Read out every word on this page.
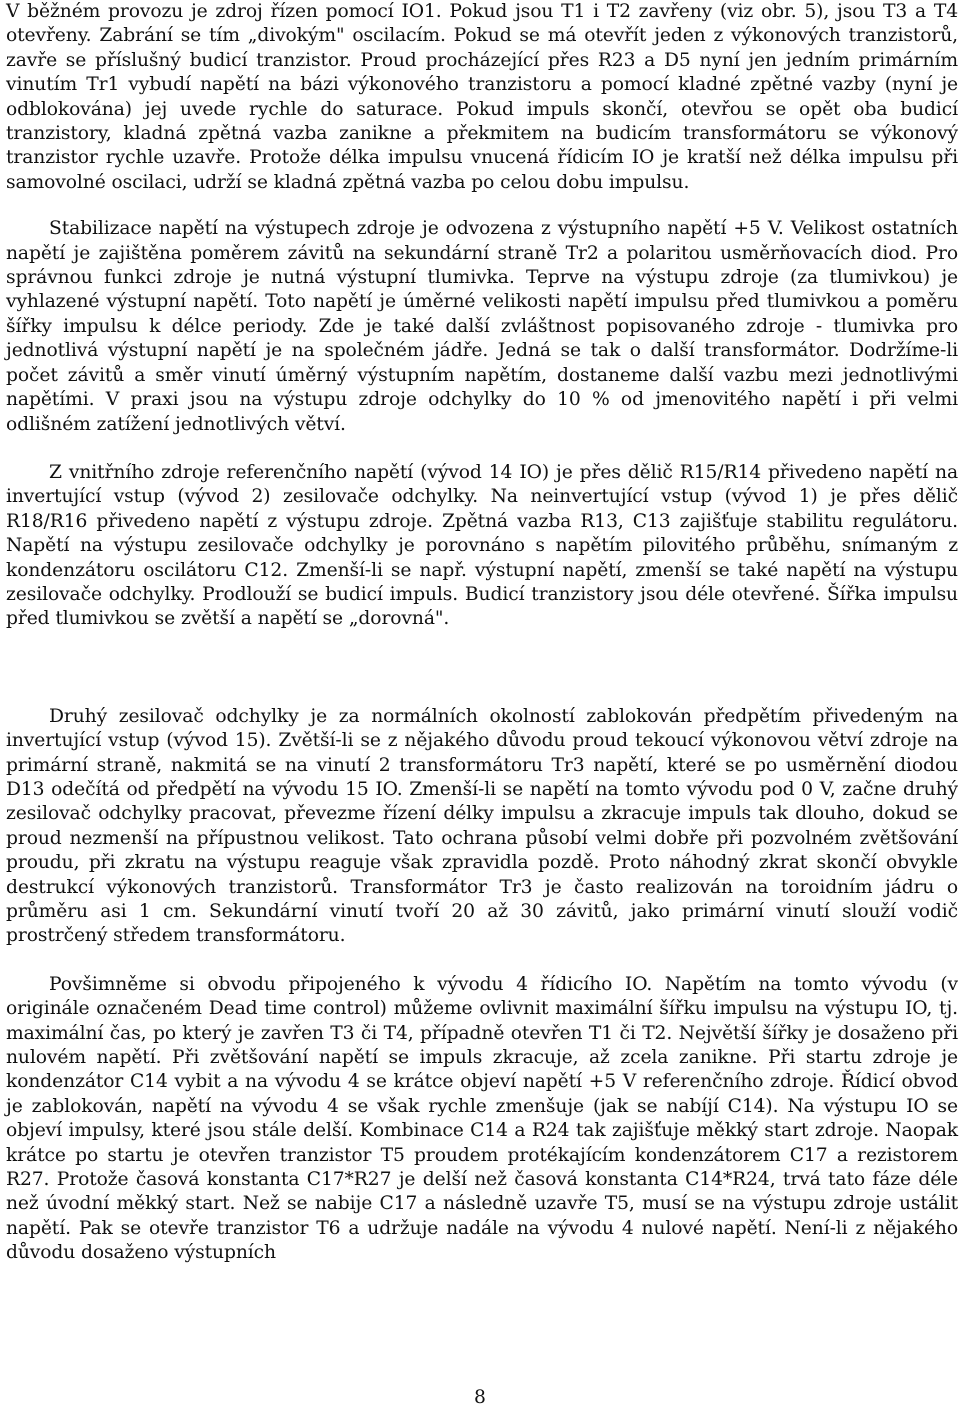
V běžném provozu je zdroj řízen pomocí IO1. Pokud jsou T1 i T2 zavřeny (viz obr. 5), jsou T3 a T4 otevřeny. Zabrání se tím „divokým" oscilacím. Pokud se má otevřít jeden z výkonových tranzistorů, zavře se příslušný budicí tranzistor. Proud procházející přes R23 a D5 nyní jen jedním primárním vinutím Tr1 vybudí napětí na bázi výkonového tranzistoru a pomocí kladné zpětné vazby (nyní je odblokována) jej uvede rychle do saturace. Pokud impuls skončí, otevřou se opět oba budicí tranzistory, kladná zpětná vazba zanikne a překmitem na budicím transformátoru se výkonový tranzistor rychle uzavře. Protože délka impulsu vnucená řídicím IO je kratší než délka impulsu při samovolné oscilaci, udrží se kladná zpětná vazba po celou dobu impulsu.

Stabilizace napětí na výstupech zdroje je odvozena z výstupního napětí +5 V. Velikost ostatních napětí je zajištěna poměrem závitů na sekundární straně Tr2 a polaritou usměrňovacích diod. Pro správnou funkci zdroje je nutná výstupní tlumivka. Teprve na výstupu zdroje (za tlumivkou) je vyhlazené výstupní napětí. Toto napětí je úměrné velikosti napětí impulsu před tlumivkou a poměru šířky impulsu k délce periody. Zde je také další zvláštnost popisovaného zdroje - tlumivka pro jednotlivá výstupní napětí je na společném jádře. Jedná se tak o další transformátor. Dodržíme-li počet závitů a směr vinutí úměrný výstupním napětím, dostaneme další vazbu mezi jednotlivými napětími. V praxi jsou na výstupu zdroje odchylky do 10 % od jmenovitého napětí i při velmi odlišném zatížení jednotlivých větví.

Z vnitřního zdroje referenčního napětí (vývod 14 IO) je přes dělič R15/R14 přivedeno napětí na invertující vstup (vývod 2) zesilovače odchylky. Na neinvertující vstup (vývod 1) je přes dělič R18/R16 přivedeno napětí z výstupu zdroje. Zpětná vazba R13, C13 zajišťuje stabilitu regulátoru. Napětí na výstupu zesilovače odchylky je porovnáno s napětím pilovitého průběhu, snímaným z kondenzátoru oscilátoru C12. Zmenší-li se např. výstupní napětí, zmenší se také napětí na výstupu zesilovače odchylky. Prodlouží se budicí impuls. Budicí tranzistory jsou déle otevřené. Šířka impulsu před tlumivkou se zvětší a napětí se „dorovná".

Druhý zesilovač odchylky je za normálních okolností zablokován předpětím přivedeným na invertující vstup (vývod 15). Zvětší-li se z nějakého důvodu proud tekoucí výkonovou větví zdroje na primární straně, nakmitá se na vinutí 2 transformátoru Tr3 napětí, které se po usměrnění diodou D13 odečítá od předpětí na vývodu 15 IO. Zmenší-li se napětí na tomto vývodu pod 0 V, začne druhý zesilovač odchylky pracovat, převezme řízení délky impulsu a zkracuje impuls tak dlouho, dokud se proud nezmenší na přípustnou velikost. Tato ochrana působí velmi dobře při pozvolném zvětšování proudu, při zkratu na výstupu reaguje však zpravidla pozdě. Proto náhodný zkrat skončí obvykle destrukcí výkonových tranzistorů. Transformátor Tr3 je často realizován na toroidním jádru o průměru asi 1 cm. Sekundární vinutí tvoří 20 až 30 závitů, jako primární vinutí slouží vodič prostrčený středem transformátoru.

Povšimněme si obvodu připojeného k vývodu 4 řídicího IO. Napětím na tomto vývodu (v originále označeném Dead time control) můžeme ovlivnit maximální šířku impulsu na výstupu IO, tj. maximální čas, po který je zavřen T3 či T4, případně otevřen T1 či T2. Největší šířky je dosaženo při nulovém napětí. Při zvětšování napětí se impuls zkracuje, až zcela zanikne. Při startu zdroje je kondenzátor C14 vybit a na vývodu 4 se krátce objeví napětí +5 V referenčního zdroje. Řídicí obvod je zablokován, napětí na vývodu 4 se však rychle zmenšuje (jak se nabíjí C14). Na výstupu IO se objeví impulsy, které jsou stále delší. Kombinace C14 a R24 tak zajišťuje měkký start zdroje. Naopak krátce po startu je otevřen tranzistor T5 proudem protékajícím kondenzátorem C17 a rezistorem R27. Protože časová konstanta C17*R27 je delší než časová konstanta C14*R24, trvá tato fáze déle než úvodní měkký start. Než se nabije C17 a následně uzavře T5, musí se na výstupu zdroje ustálit napětí. Pak se otevře tranzistor T6 a udržuje nadále na vývodu 4 nulové napětí. Není-li z nějakého důvodu dosaženo výstupních

8
